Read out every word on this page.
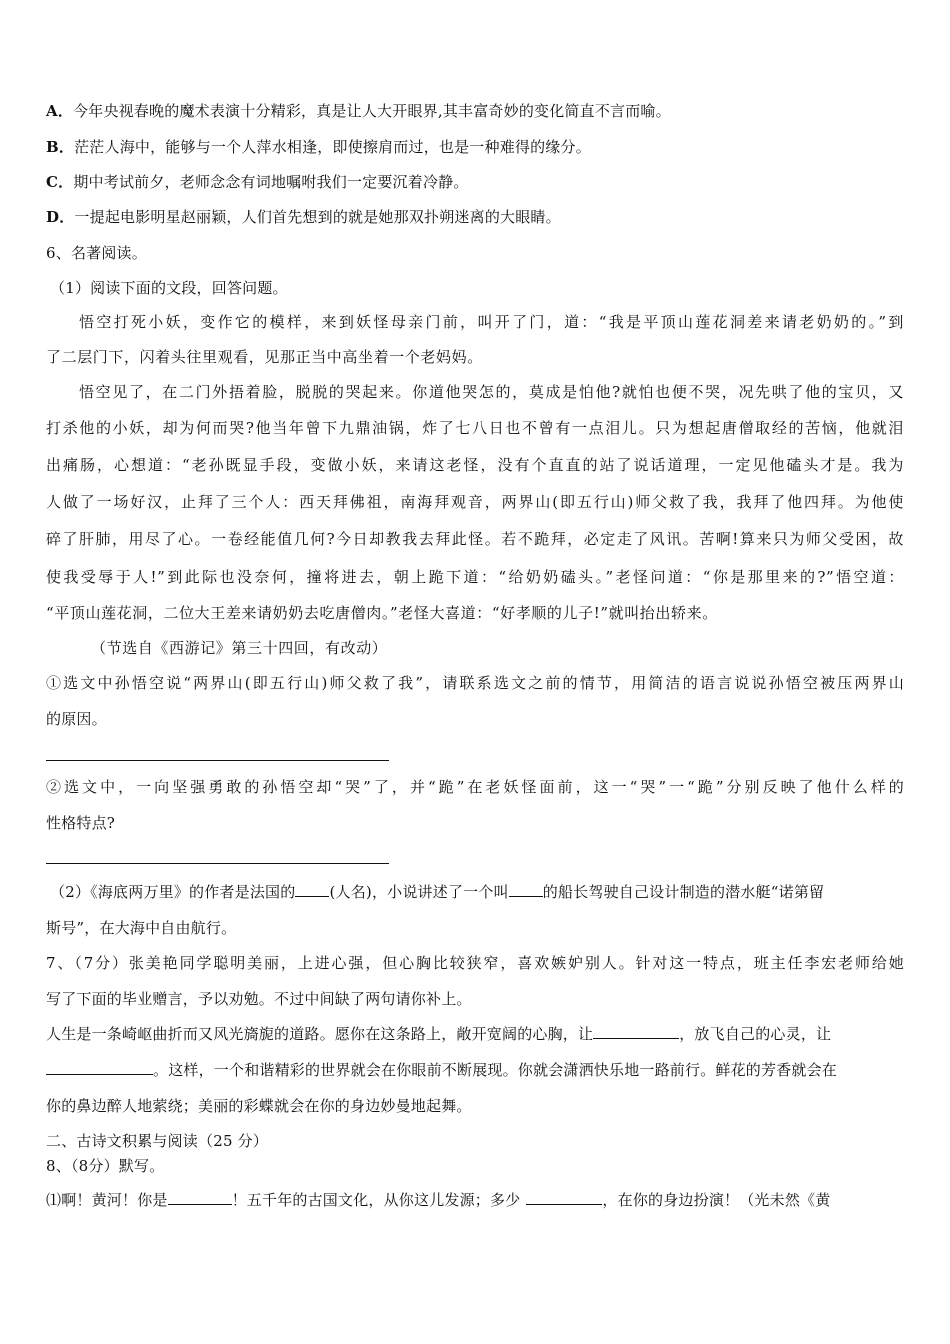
A．今年央视春晚的魔术表演十分精彩，真是让人大开眼界,其丰富奇妙的变化简直不言而喻。
B．茫茫人海中，能够与一个人萍水相逢，即使擦肩而过，也是一种难得的缘分。
C．期中考试前夕，老师念念有词地嘱咐我们一定要沉着冷静。
D．一提起电影明星赵丽颖，人们首先想到的就是她那双扑朔迷离的大眼睛。
6、名著阅读。
（1）阅读下面的文段，回答问题。
悟空打死小妖，变作它的模样，来到妖怪母亲门前，叫开了门，道：“我是平顶山莲花洞差来请老奶奶的。”到
了二层门下，闪着头往里观看，见那正当中高坐着一个老妈妈。
悟空见了，在二门外捂着脸，脱脱的哭起来。你道他哭怎的，莫成是怕他?就怕也便不哭，况先哄了他的宝贝，又
打杀他的小妖，却为何而哭?他当年曾下九鼎油锅，炸了七八日也不曾有一点泪儿。只为想起唐僧取经的苦恼，他就泪
出痛肠，心想道：“老孙既显手段，变做小妖，来请这老怪，没有个直直的站了说话道理，一定见他磕头才是。我为
人做了一场好汉，止拜了三个人：西天拜佛祖，南海拜观音，两界山(即五行山)师父救了我，我拜了他四拜。为他使
碎了肝肺，用尽了心。一卷经能值几何?今日却教我去拜此怪。若不跪拜，必定走了风讯。苦啊!算来只为师父受困，故
使我受辱于人!”到此际也没奈何，撞将进去，朝上跪下道：“给奶奶磕头。”老怪问道：“你是那里来的?”悟空道：
“平顶山莲花洞，二位大王差来请奶奶去吃唐僧肉。”老怪大喜道：“好孝顺的儿子!”就叫抬出轿来。
（节选自《西游记》第三十四回，有改动）
①选文中孙悟空说“两界山(即五行山)师父救了我”，请联系选文之前的情节，用简洁的语言说说孙悟空被压两界山
的原因。
②选文中，一向坚强勇敢的孙悟空却“哭”了，并“跪”在老妖怪面前，这一“哭”一“跪”分别反映了他什么样的
性格特点?
（2）《海底两万里》的作者是法国的 (人名)，小说讲述了一个叫 的船长驾驶自己设计制造的潜水艇“诺第留
斯号”，在大海中自由航行。
7、（7分）张美艳同学聪明美丽，上进心强，但心胸比较狭窄，喜欢嫉妒别人。针对这一特点，班主任李宏老师给她
写了下面的毕业赠言，予以劝勉。不过中间缺了两句请你补上。
人生是一条崎岖曲折而又风光旖旎的道路。愿你在这条路上，敞开宽阔的心胸，让	，放飞自己的心灵，让
。这样，一个和谐精彩的世界就会在你眼前不断展现。你就会潇洒快乐地一路前行。鲜花的芳香就会在
你的鼻边醉人地萦绕；美丽的彩蝶就会在你的身边妙曼地起舞。
二、古诗文积累与阅读（25 分）
8、（8分）默写。
⑴啊！黄河！你是	！五千年的古国文化，从你这儿发源；多少	，在你的身边扮演！（光未然《黄
